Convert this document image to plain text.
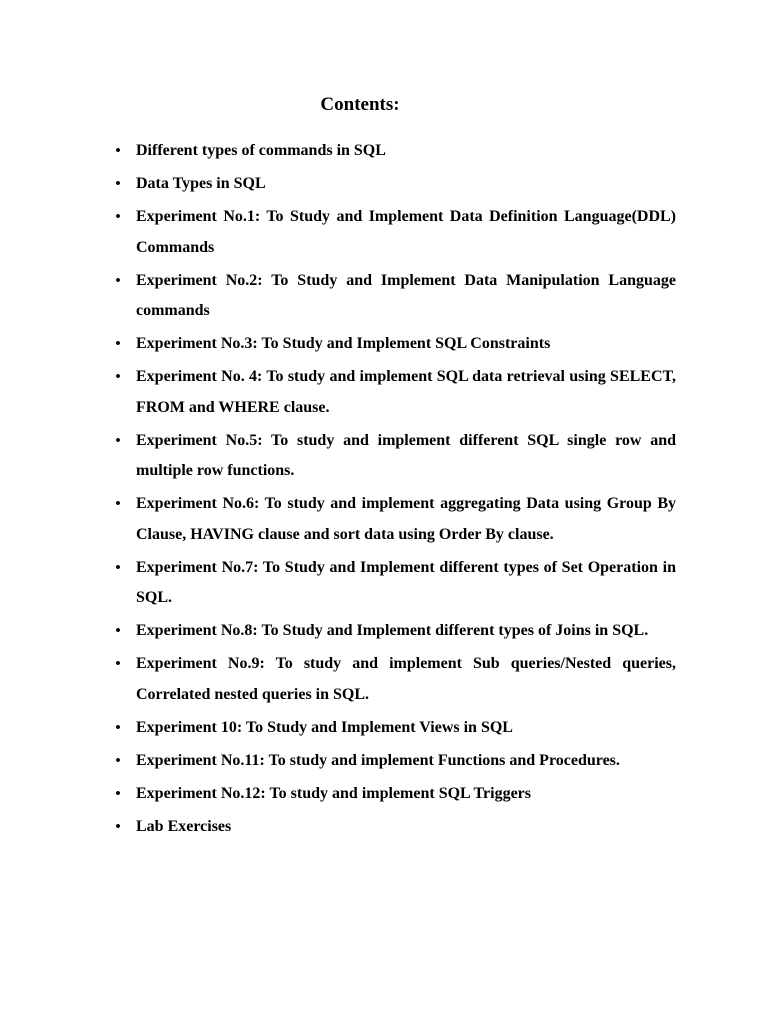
Contents:
• Different types of commands in SQL
• Data Types in SQL
• Experiment No.1: To Study and Implement Data Definition Language(DDL) Commands
• Experiment No.2: To Study and Implement Data Manipulation Language commands
• Experiment No.3: To Study and Implement SQL Constraints
• Experiment No. 4: To study and implement SQL data retrieval using SELECT, FROM and WHERE clause.
• Experiment No.5: To study and implement different SQL single row and multiple row functions.
• Experiment No.6: To study and implement aggregating Data using Group By Clause, HAVING clause and sort data using Order By clause.
• Experiment No.7: To Study and Implement different types of Set Operation in SQL.
• Experiment No.8: To Study and Implement different types of Joins in SQL.
• Experiment No.9: To study and implement Sub queries/Nested queries, Correlated nested queries in SQL.
• Experiment 10: To Study and Implement Views in SQL
• Experiment No.11: To study and implement Functions and Procedures.
• Experiment No.12: To study and implement SQL Triggers
• Lab Exercises
